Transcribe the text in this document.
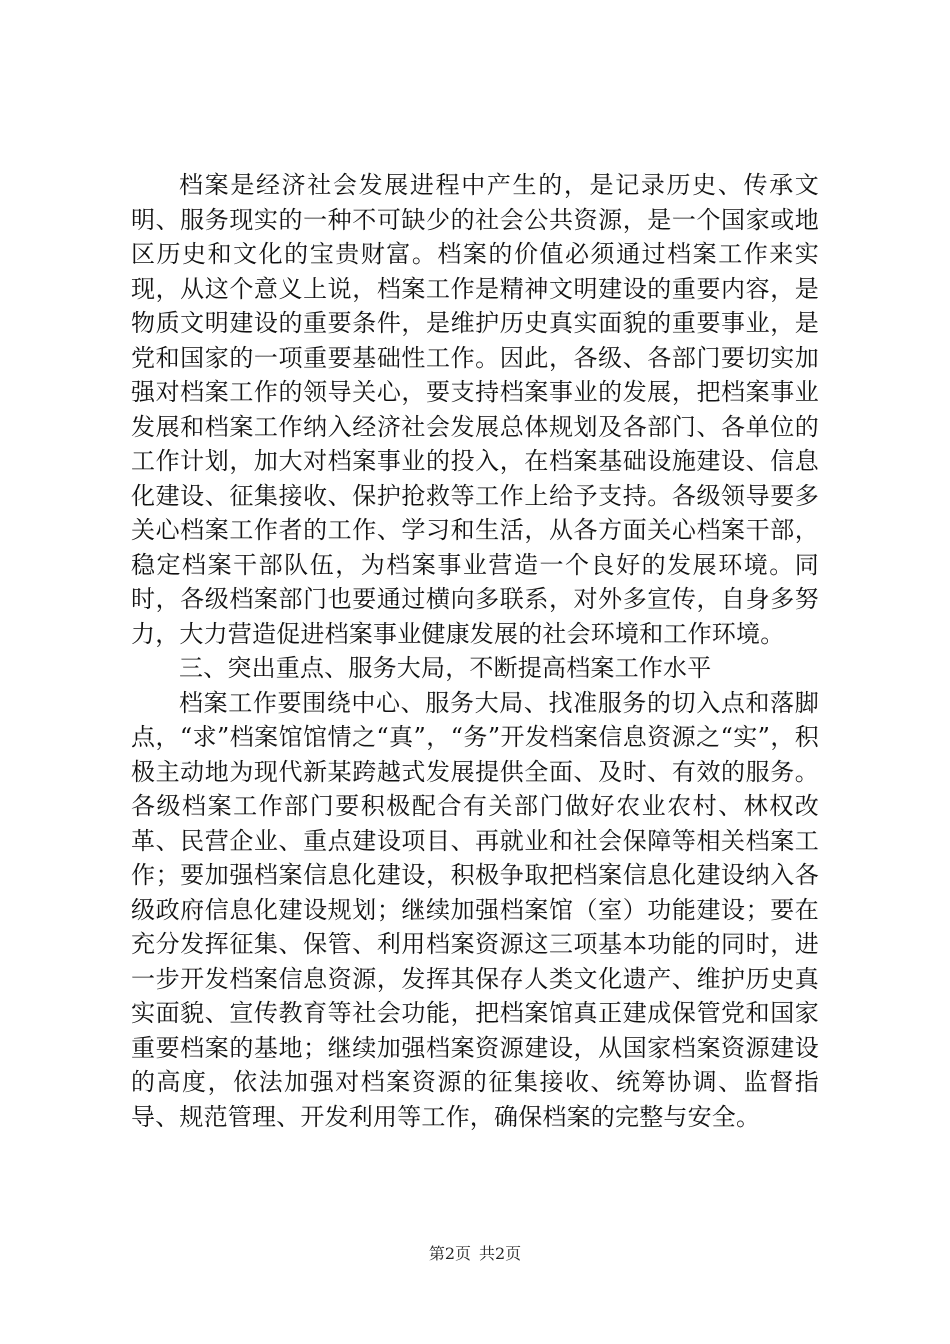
档案是经济社会发展进程中产生的，是记录历史、传承文明、服务现实的一种不可缺少的社会公共资源，是一个国家或地区历史和文化的宝贵财富。档案的价值必须通过档案工作来实现，从这个意义上说，档案工作是精神文明建设的重要内容，是物质文明建设的重要条件，是维护历史真实面貌的重要事业，是党和国家的一项重要基础性工作。因此，各级、各部门要切实加强对档案工作的领导关心，要支持档案事业的发展，把档案事业发展和档案工作纳入经济社会发展总体规划及各部门、各单位的工作计划，加大对档案事业的投入，在档案基础设施建设、信息化建设、征集接收、保护抢救等工作上给予支持。各级领导要多关心档案工作者的工作、学习和生活，从各方面关心档案干部，稳定档案干部队伍，为档案事业营造一个良好的发展环境。同时，各级档案部门也要通过横向多联系，对外多宣传，自身多努力，大力营造促进档案事业健康发展的社会环境和工作环境。

三、突出重点、服务大局，不断提高档案工作水平

档案工作要围绕中心、服务大局、找准服务的切入点和落脚点，“求”档案馆馆情之“真”，“务”开发档案信息资源之“实”，积极主动地为现代新某跨越式发展提供全面、及时、有效的服务。各级档案工作部门要积极配合有关部门做好农业农村、林权改革、民营企业、重点建设项目、再就业和社会保障等相关档案工作；要加强档案信息化建设，积极争取把档案信息化建设纳入各级政府信息化建设规划；继续加强档案馆（室）功能建设；要在充分发挥征集、保管、利用档案资源这三项基本功能的同时，进一步开发档案信息资源，发挥其保存人类文化遗产、维护历史真实面貌、宣传教育等社会功能，把档案馆真正建成保管党和国家重要档案的基地；继续加强档案资源建设，从国家档案资源建设的高度，依法加强对档案资源的征集接收、统筹协调、监督指导、规范管理、开发利用等工作，确保档案的完整与安全。

第2页 共2页
